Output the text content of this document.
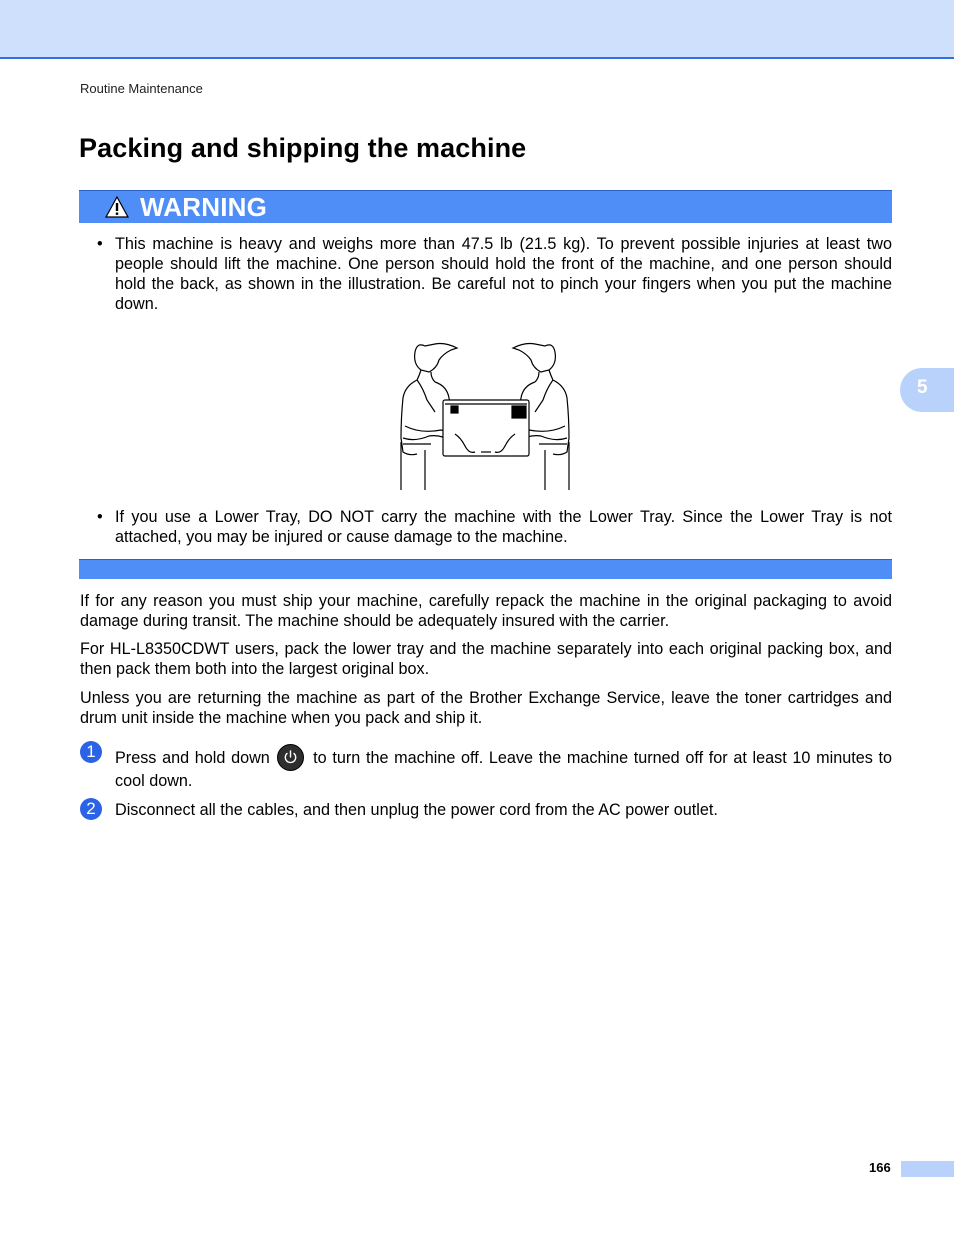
Routine Maintenance
Packing and shipping the machine
WARNING
• This machine is heavy and weighs more than 47.5 lb (21.5 kg). To prevent possible injuries at least two people should lift the machine. One person should hold the front of the machine, and one person should hold the back, as shown in the illustration. Be careful not to pinch your fingers when you put the machine down.
• If you use a Lower Tray, DO NOT carry the machine with the Lower Tray. Since the Lower Tray is not attached, you may be injured or cause damage to the machine.

If for any reason you must ship your machine, carefully repack the machine in the original packaging to avoid damage during transit. The machine should be adequately insured with the carrier.

For HL-L8350CDWT users, pack the lower tray and the machine separately into each original packing box, and then pack them both into the largest original box.

Unless you are returning the machine as part of the Brother Exchange Service, leave the toner cartridges and drum unit inside the machine when you pack and ship it.

1	Press and hold down	to turn the machine off. Leave the machine turned off for at least 10 minutes to cool down.

2	Disconnect all the cables, and then unplug the power cord from the AC power outlet.

5
166
